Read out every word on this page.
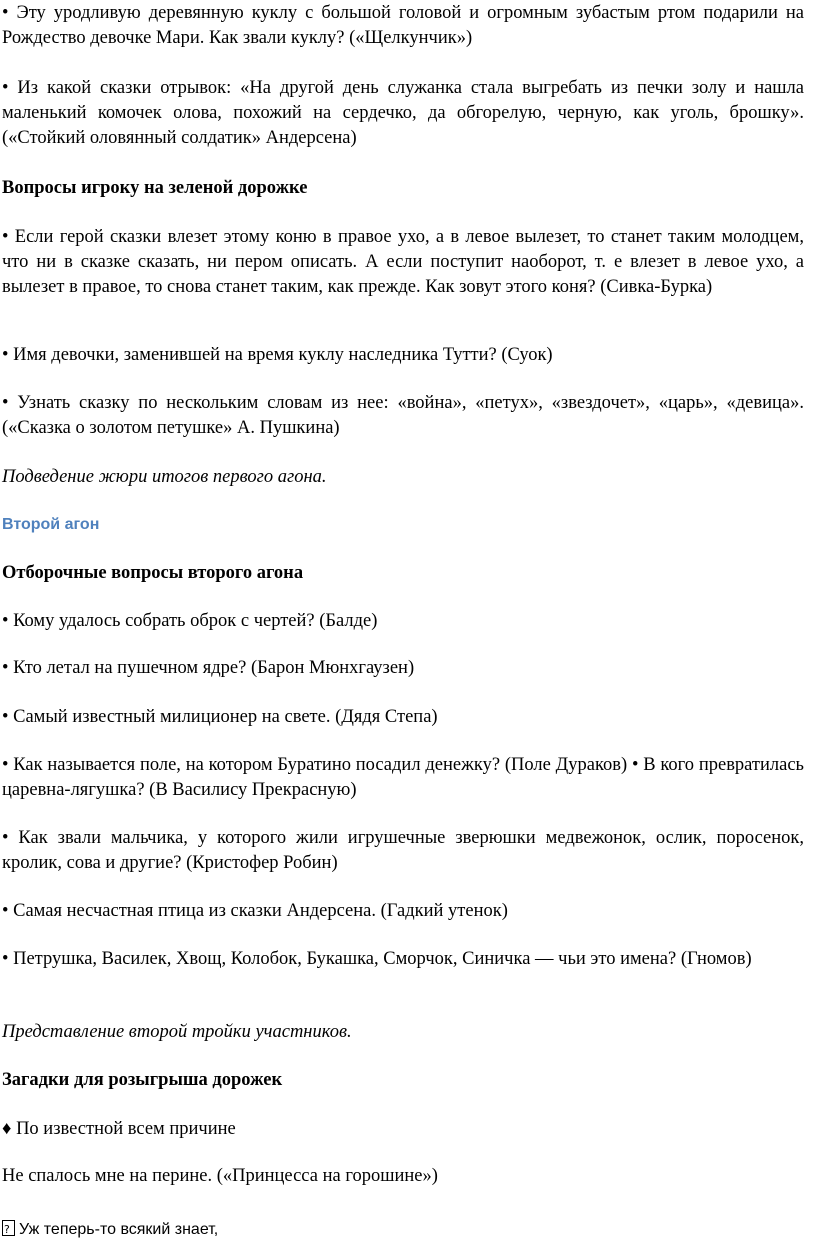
• Эту уродливую деревянную куклу с большой головой и огромным зубастым ртом подарили на Рождество девочке Мари. Как звали куклу? («Щелкунчик»)

• Из какой сказки отрывок: «На другой день служанка стала выгребать из печки золу и нашла маленький комочек олова, похожий на сердечко, да обгорелую, черную, как уголь, брошку». («Стойкий оловянный солдатик» Андерсена)

Вопросы игроку на зеленой дорожке

• Если герой сказки влезет этому коню в правое ухо, а в левое вылезет, то станет таким молодцем, что ни в сказке сказать, ни пером описать. А если поступит наоборот, т. е влезет в левое ухо, а вылезет в правое, то снова станет таким, как прежде. Как зовут этого коня? (Сивка-Бурка)

• Имя девочки, заменившей на время куклу наследника Тутти? (Суок)

• Узнать сказку по нескольким словам из нее: «война», «петух», «звездочет», «царь», «девица». («Сказка о золотом петушке» А. Пушкина)

Подведение жюри итогов первого агона.

Второй агон

Отборочные вопросы второго агона

• Кому удалось собрать оброк с чертей? (Балде)

• Кто летал на пушечном ядре? (Барон Мюнхгаузен)

• Самый известный милиционер на свете. (Дядя Степа)

• Как называется поле, на котором Буратино посадил денежку? (Поле Дураков) • В кого превратилась царевна-лягушка? (В Василису Прекрасную)

• Как звали мальчика, у которого жили игрушечные зверюшки медвежонок, ослик, поросенок, кролик, сова и другие? (Кристофер Робин)

• Самая несчастная птица из сказки Андерсена. (Гадкий утенок)

• Петрушка, Василек, Хвощ, Колобок, Букашка, Сморчок, Синичка — чьи это имена? (Гномов)

Представление второй тройки участников.

Загадки для розыгрыша дорожек

♦ По известной всем причине

Не спалось мне на перине. («Принцесса на горошине»)

?Уж теперь-то всякий знает,
